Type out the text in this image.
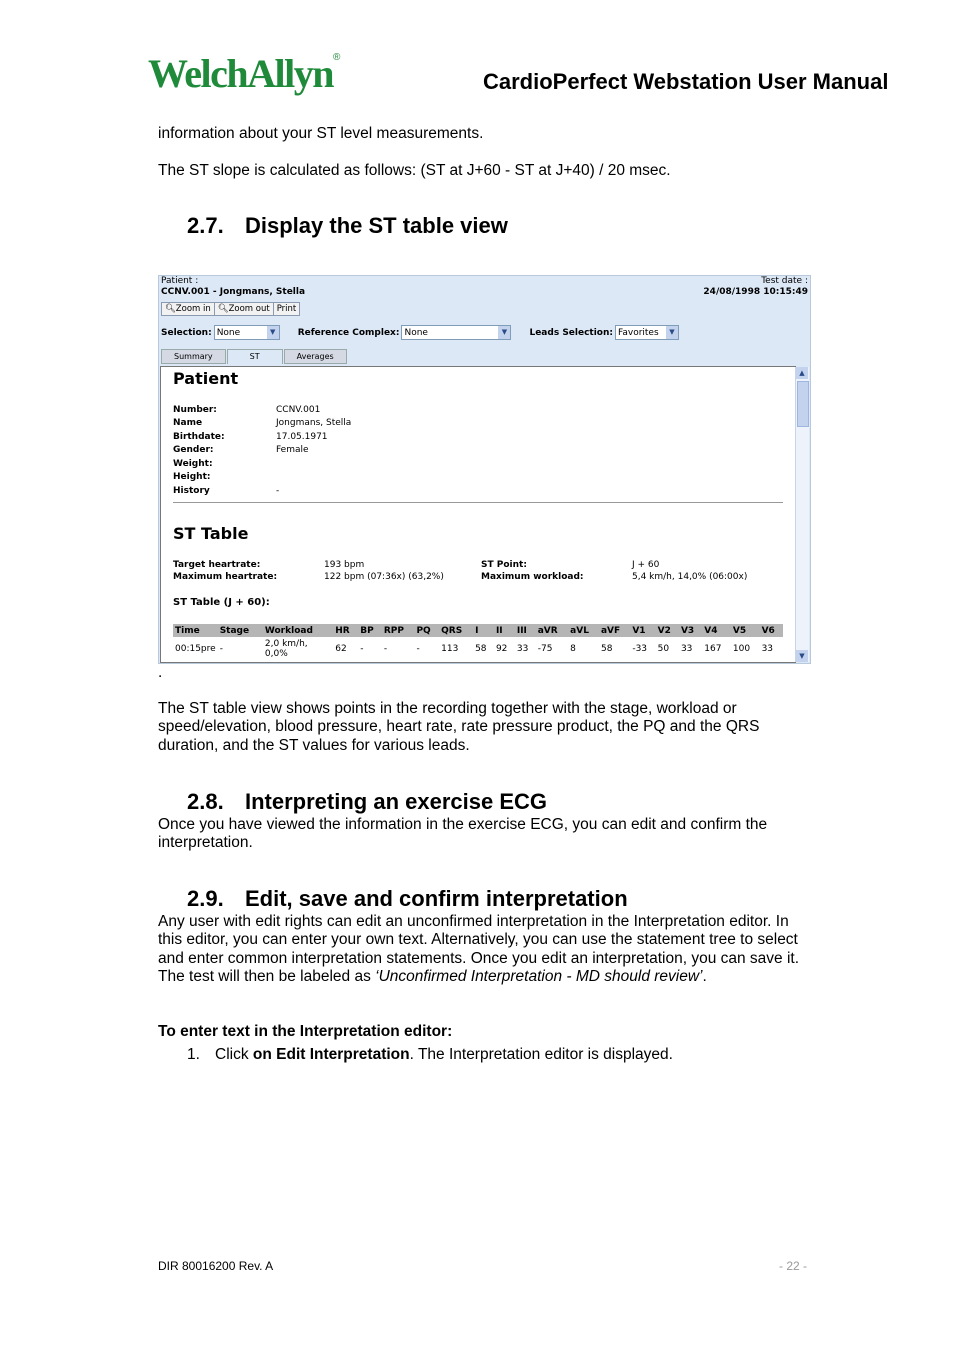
WelchAllyn®
CardioPerfect Webstation User Manual

information about your ST level measurements.

The ST slope is calculated as follows: (ST at J+60 - ST at J+40) / 20 msec.

2.7. Display the ST table view
Patient :
CCNV.001 - Jongmans, Stella
Test date :
24/08/1998 10:15:49
🔍︎Zoom in 🔍︎Zoom out Print
Selection: None	▼	Reference Complex: None	▼	Leads Selection: Favorites	▼
Summary	ST	Averages
Patient
Number:	CCNV.001
Name	Jongmans, Stella
Birthdate:	17.05.1971
Gender:	Female
Weight:
Height:
History	-
ST Table
Target heartrate:	193 bpm
Maximum heartrate:	122 bpm (07:36x) (63,2%)
ST Point:	J + 60
Maximum workload:	5,4 km/h, 14,0% (06:00x)
ST Table (J + 60):
Time	Stage	Workload	HR	BP	RPP	PQ	QRS	I	II	III	aVR	aVL	aVF	V1	V2	V3	V4	V5	V6
00:15pre	-	2,0 km/h,
0,0%	62	-	-	-	113	58	92	33	-75	8	58	-33	50	33	167	100	33
▲
▼

.

The ST table view shows points in the recording together with the stage, workload or speed/elevation, blood pressure, heart rate, rate pressure product, the PQ and the QRS duration, and the ST values for various leads.

2.8. Interpreting an exercise ECG

Once you have viewed the information in the exercise ECG, you can edit and confirm the interpretation.

2.9. Edit, save and confirm interpretation

Any user with edit rights can edit an unconfirmed interpretation in the Interpretation editor. In this editor, you can enter your own text. Alternatively, you can use the statement tree to select and enter common interpretation statements. Once you edit an interpretation, you can save it. The test will then be labeled as ‘Unconfirmed Interpretation - MD should review’.

To enter text in the Interpretation editor:

1. Click on Edit Interpretation. The Interpretation editor is displayed.

DIR 80016200 Rev. A	- 22 -
